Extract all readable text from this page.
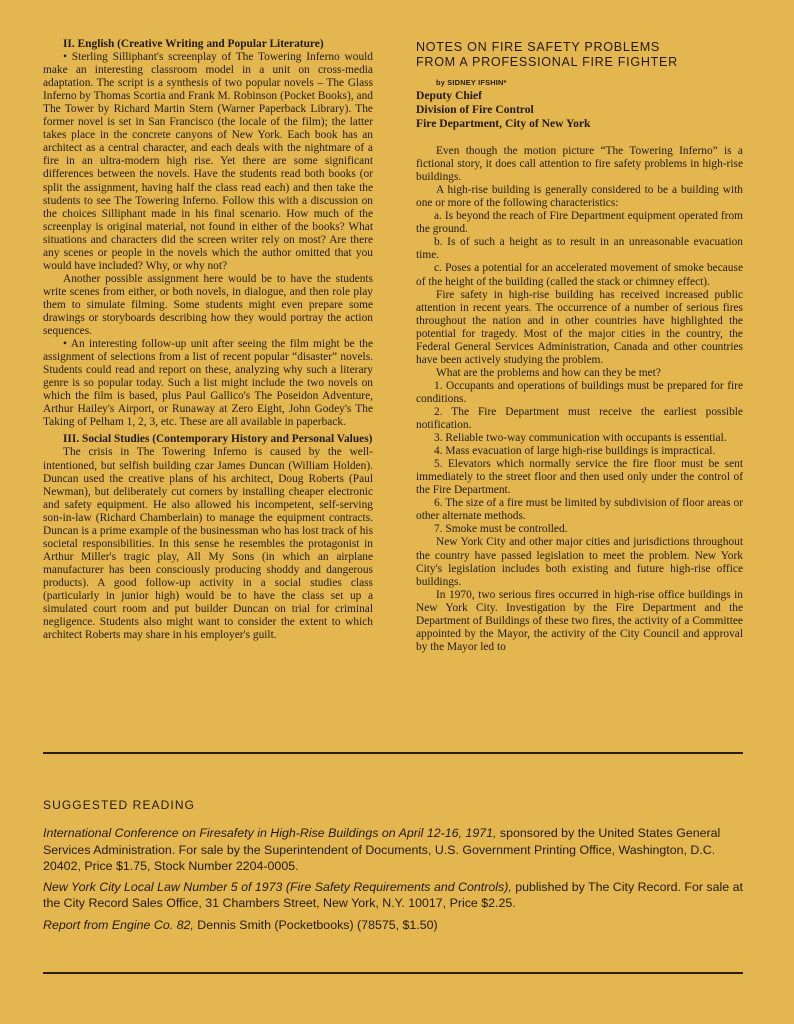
II. English (Creative Writing and Popular Literature)

• Sterling Silliphant's screenplay of The Towering Inferno would make an interesting classroom model in a unit on cross-media adaptation. The script is a synthesis of two popular novels – The Glass Inferno by Thomas Scortia and Frank M. Robinson (Pocket Books), and The Tower by Richard Martin Stern (Warner Paperback Library). The former novel is set in San Francisco (the locale of the film); the latter takes place in the concrete canyons of New York. Each book has an architect as a central character, and each deals with the nightmare of a fire in an ultra-modern high rise. Yet there are some significant differences between the novels. Have the students read both books (or split the assignment, having half the class read each) and then take the students to see The Towering Inferno. Follow this with a discussion on the choices Silliphant made in his final scenario. How much of the screenplay is original material, not found in either of the books? What situations and characters did the screen writer rely on most? Are there any scenes or people in the novels which the author omitted that you would have included? Why, or why not?

Another possible assignment here would be to have the students write scenes from either, or both novels, in dialogue, and then role play them to simulate filming. Some students might even prepare some drawings or storyboards describing how they would portray the action sequences.

• An interesting follow-up unit after seeing the film might be the assignment of selections from a list of recent popular “disaster” novels. Students could read and report on these, analyzing why such a literary genre is so popular today. Such a list might include the two novels on which the film is based, plus Paul Gallico's The Poseidon Adventure, Arthur Hailey's Airport, or Runaway at Zero Eight, John Godey's The Taking of Pelham 1, 2, 3, etc. These are all available in paperback.

III. Social Studies (Contemporary History and Personal Values)

The crisis in The Towering Inferno is caused by the well-intentioned, but selfish building czar James Duncan (William Holden). Duncan used the creative plans of his architect, Doug Roberts (Paul Newman), but deliberately cut corners by installing cheaper electronic and safety equipment. He also allowed his incompetent, self-serving son-in-law (Richard Chamberlain) to manage the equipment contracts. Duncan is a prime example of the businessman who has lost track of his societal responsibilities. In this sense he resembles the protagonist in Arthur Miller's tragic play, All My Sons (in which an airplane manufacturer has been consciously producing shoddy and dangerous products). A good follow-up activity in a social studies class (particularly in junior high) would be to have the class set up a simulated court room and put builder Duncan on trial for criminal negligence. Students also might want to consider the extent to which architect Roberts may share in his employer's guilt.

NOTES ON FIRE SAFETY PROBLEMS
FROM A PROFESSIONAL FIRE FIGHTER

by SIDNEY IFSHIN*

Deputy Chief
Division of Fire Control
Fire Department, City of New York

Even though the motion picture “The Towering Inferno” is a fictional story, it does call attention to fire safety problems in high-rise buildings.

A high-rise building is generally considered to be a building with one or more of the following characteristics:

a. Is beyond the reach of Fire Department equipment operated from the ground.

b. Is of such a height as to result in an unreasonable evacuation time.

c. Poses a potential for an accelerated movement of smoke because of the height of the building (called the stack or chimney effect).

Fire safety in high-rise building has received increased public attention in recent years. The occurrence of a number of serious fires throughout the nation and in other countries have highlighted the potential for tragedy. Most of the major cities in the country, the Federal General Services Administration, Canada and other countries have been actively studying the problem.

What are the problems and how can they be met?

1. Occupants and operations of buildings must be prepared for fire conditions.

2. The Fire Department must receive the earliest possible notification.

3. Reliable two-way communication with occupants is essential.

4. Mass evacuation of large high-rise buildings is impractical.

5. Elevators which normally service the fire floor must be sent immediately to the street floor and then used only under the control of the Fire Department.

6. The size of a fire must be limited by subdivision of floor areas or other alternate methods.

7. Smoke must be controlled.

New York City and other major cities and jurisdictions throughout the country have passed legislation to meet the problem. New York City's legislation includes both existing and future high-rise office buildings.

In 1970, two serious fires occurred in high-rise office buildings in New York City. Investigation by the Fire Department and the Department of Buildings of these two fires, the activity of a Committee appointed by the Mayor, the activity of the City Council and approval by the Mayor led to

SUGGESTED READING

International Conference on Firesafety in High-Rise Buildings on April 12-16, 1971, sponsored by the United States General Services Administration. For sale by the Superintendent of Documents, U.S. Government Printing Office, Washington, D.C. 20402, Price $1.75, Stock Number 2204-0005.

New York City Local Law Number 5 of 1973 (Fire Safety Requirements and Controls), published by The City Record. For sale at the City Record Sales Office, 31 Chambers Street, New York, N.Y. 10017, Price $2.25.

Report from Engine Co. 82, Dennis Smith (Pocketbooks) (78575, $1.50)
